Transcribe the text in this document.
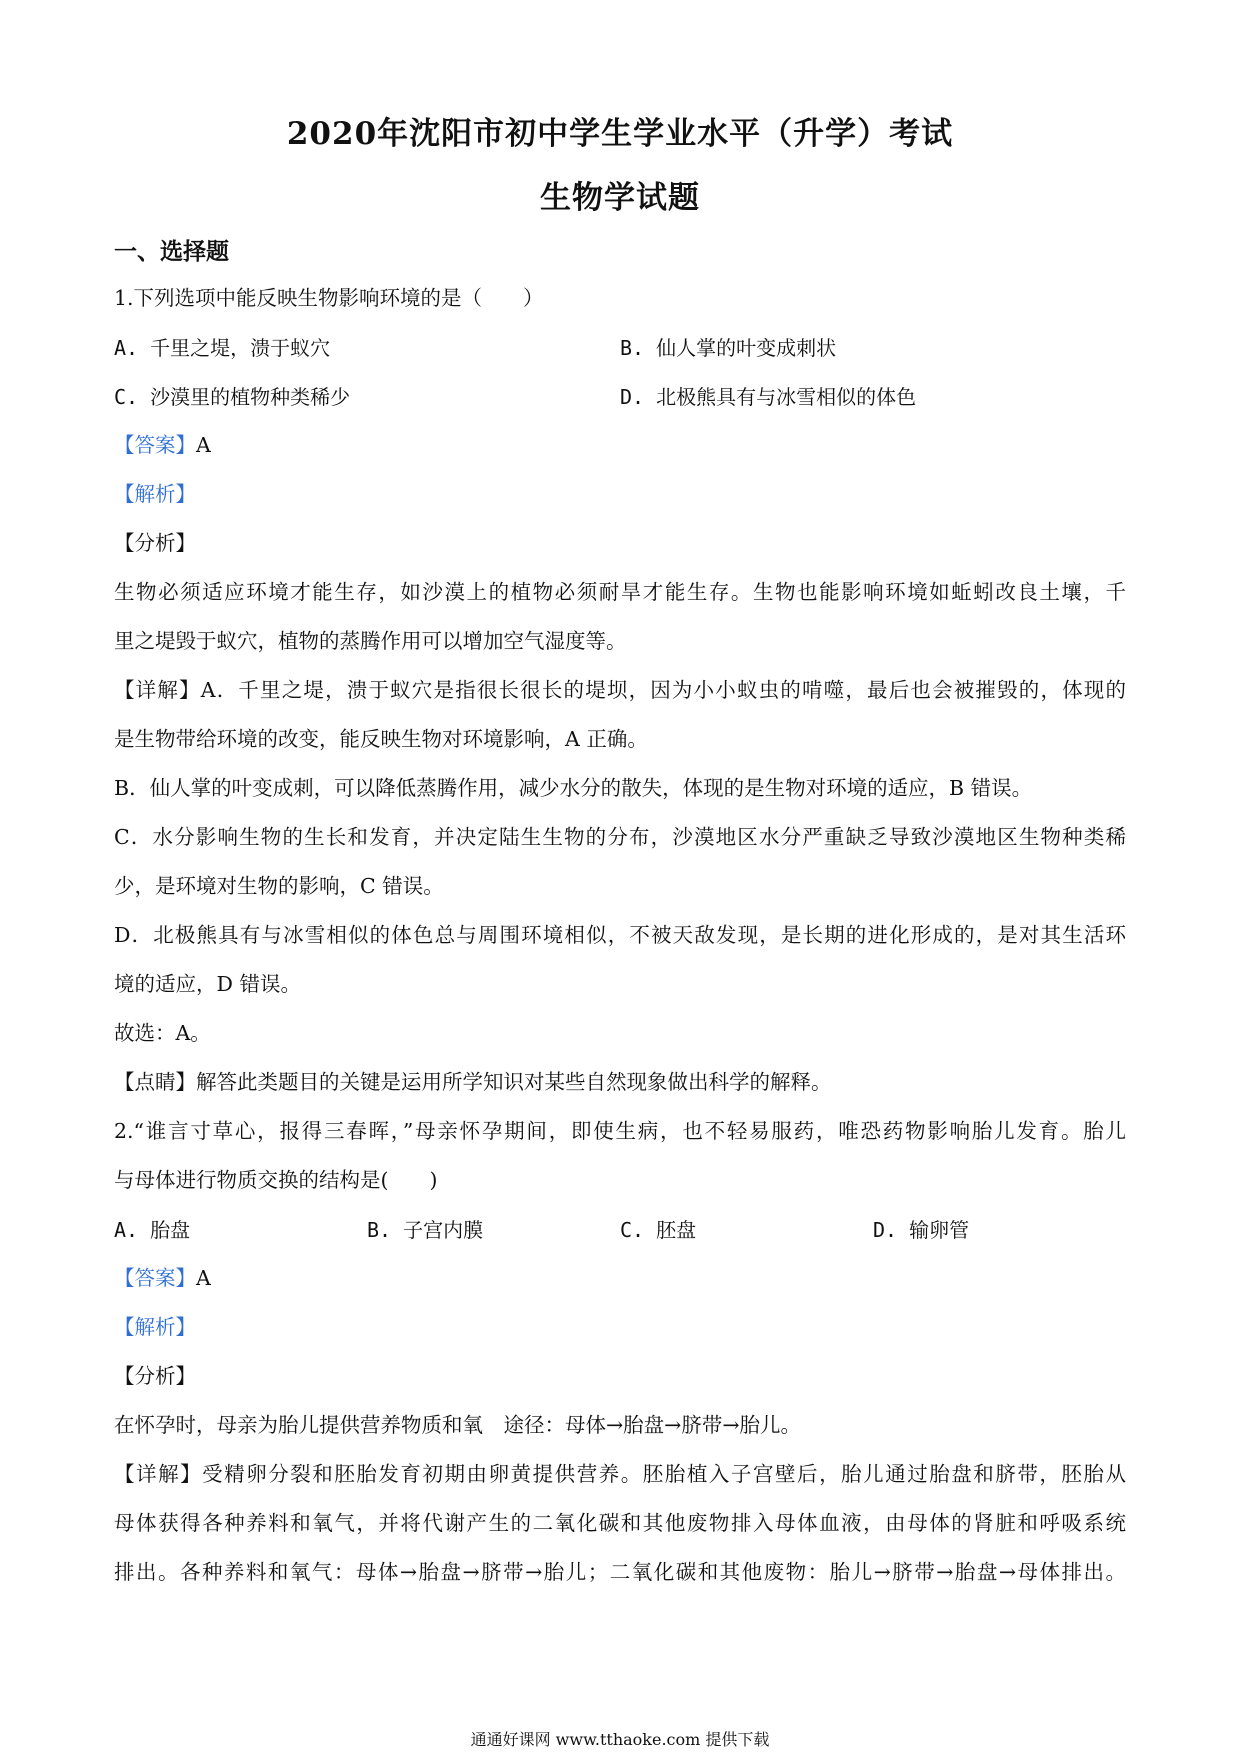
2020年沈阳市初中学生学业水平（升学）考试
生物学试题
一、选择题
1.下列选项中能反映生物影响环境的是（　　）
A. 千里之堤，溃于蚁穴	B. 仙人掌的叶变成刺状
C. 沙漠里的植物种类稀少	D. 北极熊具有与冰雪相似的体色
【答案】A
【解析】
【分析】
生物必须适应环境才能生存，如沙漠上的植物必须耐旱才能生存。生物也能影响环境如蚯蚓改良土壤，千
里之堤毁于蚁穴，植物的蒸腾作用可以增加空气湿度等。
【详解】A．千里之堤，溃于蚁穴是指很长很长的堤坝，因为小小蚁虫的啃噬，最后也会被摧毁的，体现的
是生物带给环境的改变，能反映生物对环境影响，A 正确。
B．仙人掌的叶变成刺，可以降低蒸腾作用，减少水分的散失，体现的是生物对环境的适应，B 错误。
C．水分影响生物的生长和发育，并决定陆生生物的分布，沙漠地区水分严重缺乏导致沙漠地区生物种类稀
少，是环境对生物的影响，C 错误。
D．北极熊具有与冰雪相似的体色总与周围环境相似，不被天敌发现，是长期的进化形成的，是对其生活环
境的适应，D 错误。
故选：A。
【点睛】解答此类题目的关键是运用所学知识对某些自然现象做出科学的解释。
2.“谁言寸草心，报得三春晖，”母亲怀孕期间，即使生病，也不轻易服药，唯恐药物影响胎儿发育。胎儿
与母体进行物质交换的结构是(　　)
A. 胎盘	B. 子宫内膜	C. 胚盘	D. 输卵管
【答案】A
【解析】
【分析】
在怀孕时，母亲为胎儿提供营养物质和氧　途径：母体→胎盘→脐带→胎儿。
【详解】受精卵分裂和胚胎发育初期由卵黄提供营养。胚胎植入子宫壁后，胎儿通过胎盘和脐带，胚胎从
母体获得各种养料和氧气，并将代谢产生的二氧化碳和其他废物排入母体血液，由母体的肾脏和呼吸系统
排出。各种养料和氧气：母体→胎盘→脐带→胎儿；二氧化碳和其他废物：胎儿→脐带→胎盘→母体排出。
通通好课网 www.tthaoke.com 提供下载
